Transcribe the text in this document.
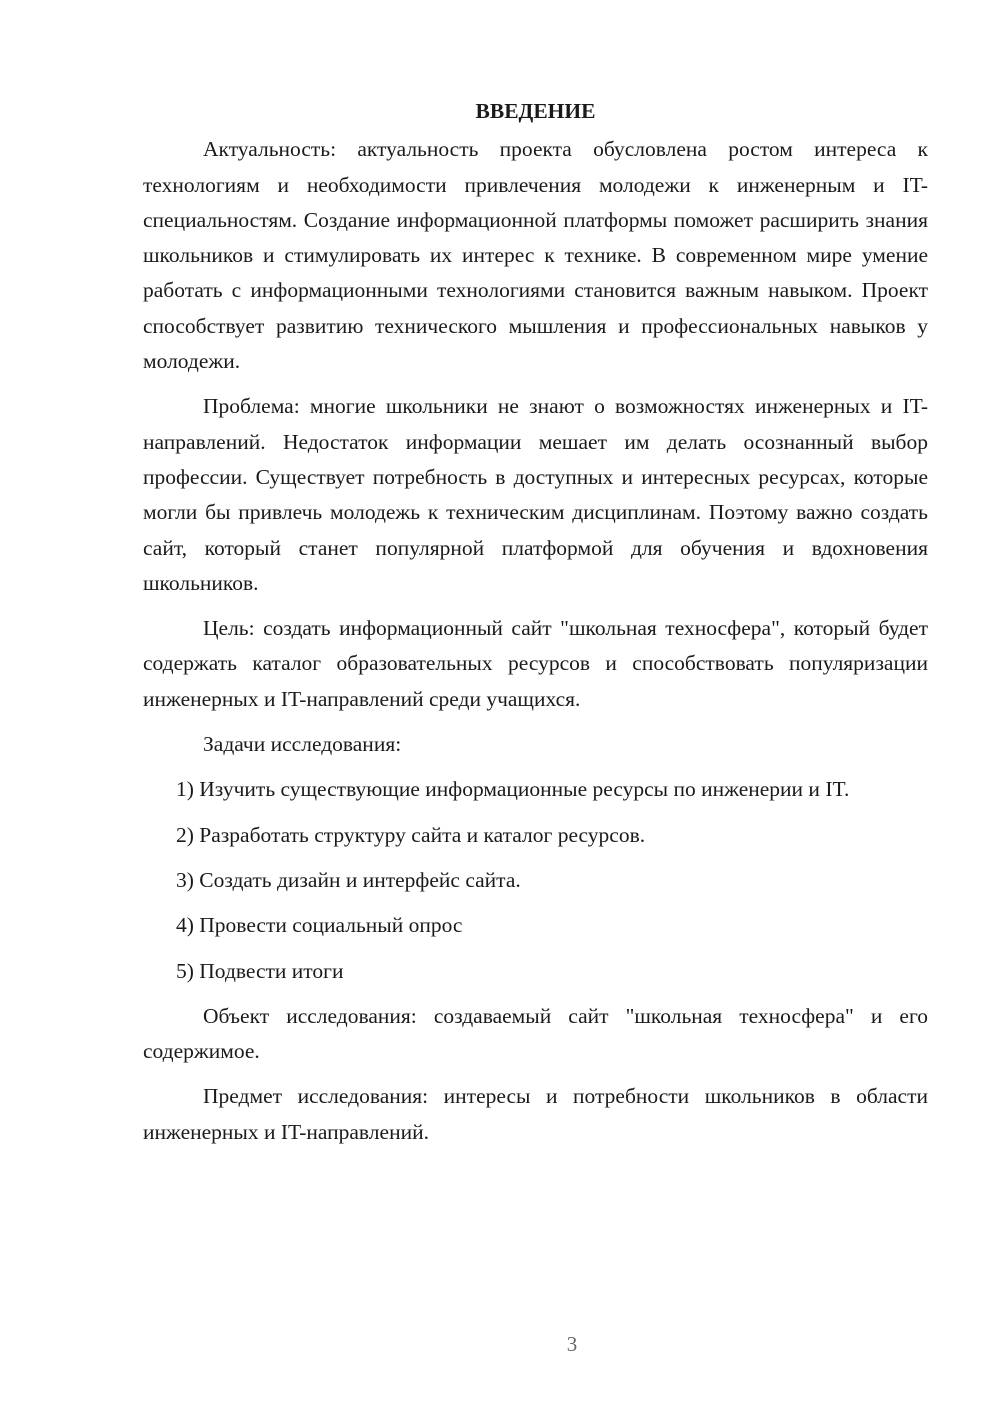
ВВЕДЕНИЕ

Актуальность: актуальность проекта обусловлена ростом интереса к технологиям и необходимости привлечения молодежи к инженерным и IT-специальностям. Создание информационной платформы поможет расширить знания школьников и стимулировать их интерес к технике. В современном мире умение работать с информационными технологиями становится важным навыком. Проект способствует развитию технического мышления и профессиональных навыков у молодежи.

Проблема: многие школьники не знают о возможностях инженерных и IT-направлений. Недостаток информации мешает им делать осознанный выбор профессии. Существует потребность в доступных и интересных ресурсах, которые могли бы привлечь молодежь к техническим дисциплинам. Поэтому важно создать сайт, который станет популярной платформой для обучения и вдохновения школьников.

Цель: создать информационный сайт "школьная техносфера", который будет содержать каталог образовательных ресурсов и способствовать популяризации инженерных и IT-направлений среди учащихся.

Задачи исследования:

1) Изучить существующие информационные ресурсы по инженерии и IT.

2) Разработать структуру сайта и каталог ресурсов.

3) Создать дизайн и интерфейс сайта.

4) Провести социальный опрос

5) Подвести итоги

Объект исследования: создаваемый сайт "школьная техносфера" и его содержимое.

Предмет исследования: интересы и потребности школьников в области инженерных и IT-направлений.

3
